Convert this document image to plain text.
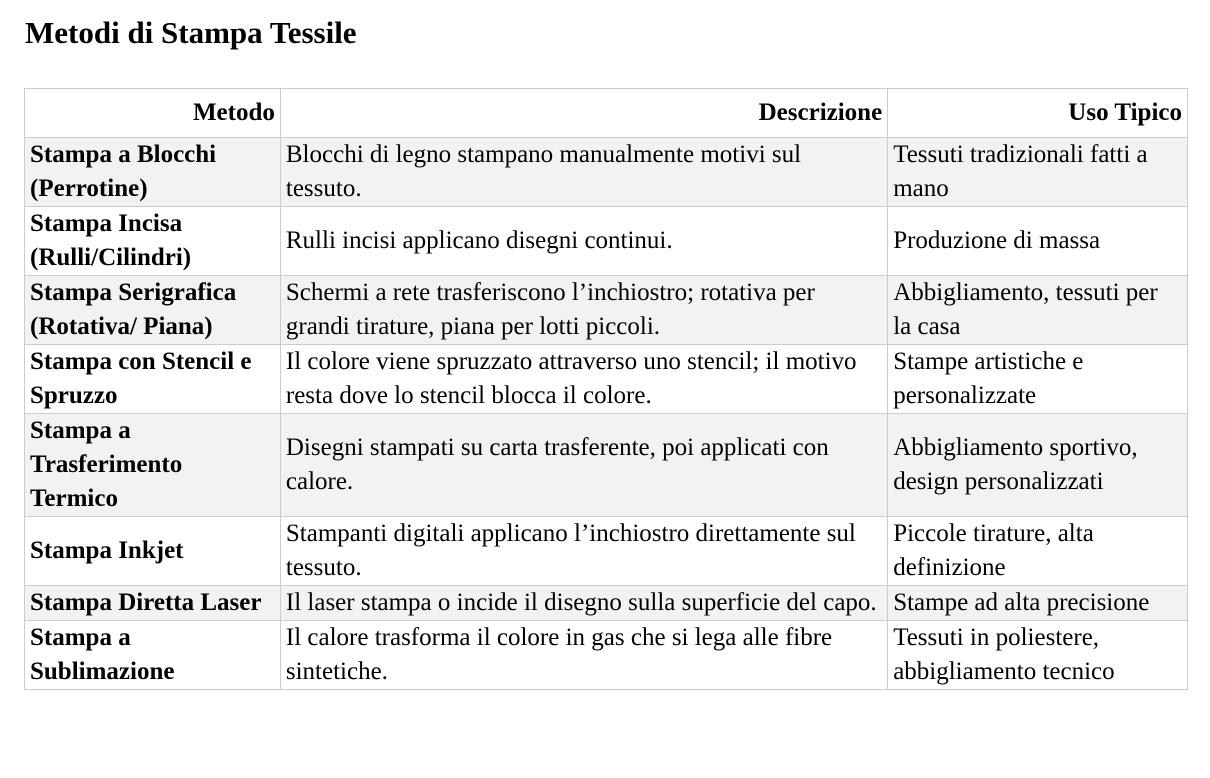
Metodi di Stampa Tessile
Metodo	Descrizione	Uso Tipico
Stampa a Blocchi (Perrotine)	Blocchi di legno stampano manualmente motivi sul tessuto.	Tessuti tradizionali fatti a mano
Stampa Incisa (Rulli/Cilindri)	Rulli incisi applicano disegni continui.	Produzione di massa
Stampa Serigrafica (Rotativa/ Piana)	Schermi a rete trasferiscono l’inchiostro; rotativa per grandi tirature, piana per lotti piccoli.	Abbigliamento, tessuti per la casa
Stampa con Stencil e Spruzzo	Il colore viene spruzzato attraverso uno stencil; il motivo resta dove lo stencil blocca il colore.	Stampe artistiche e personalizzate
Stampa a Trasferimento Termico	Disegni stampati su carta trasferente, poi applicati con calore.	Abbigliamento sportivo, design personalizzati
Stampa Inkjet	Stampanti digitali applicano l’inchiostro direttamente sul tessuto.	Piccole tirature, alta definizione
Stampa Diretta Laser	Il laser stampa o incide il disegno sulla superficie del capo.	Stampe ad alta precisione
Stampa a Sublimazione	Il calore trasforma il colore in gas che si lega alle fibre sintetiche.	Tessuti in poliestere, abbigliamento tecnico
